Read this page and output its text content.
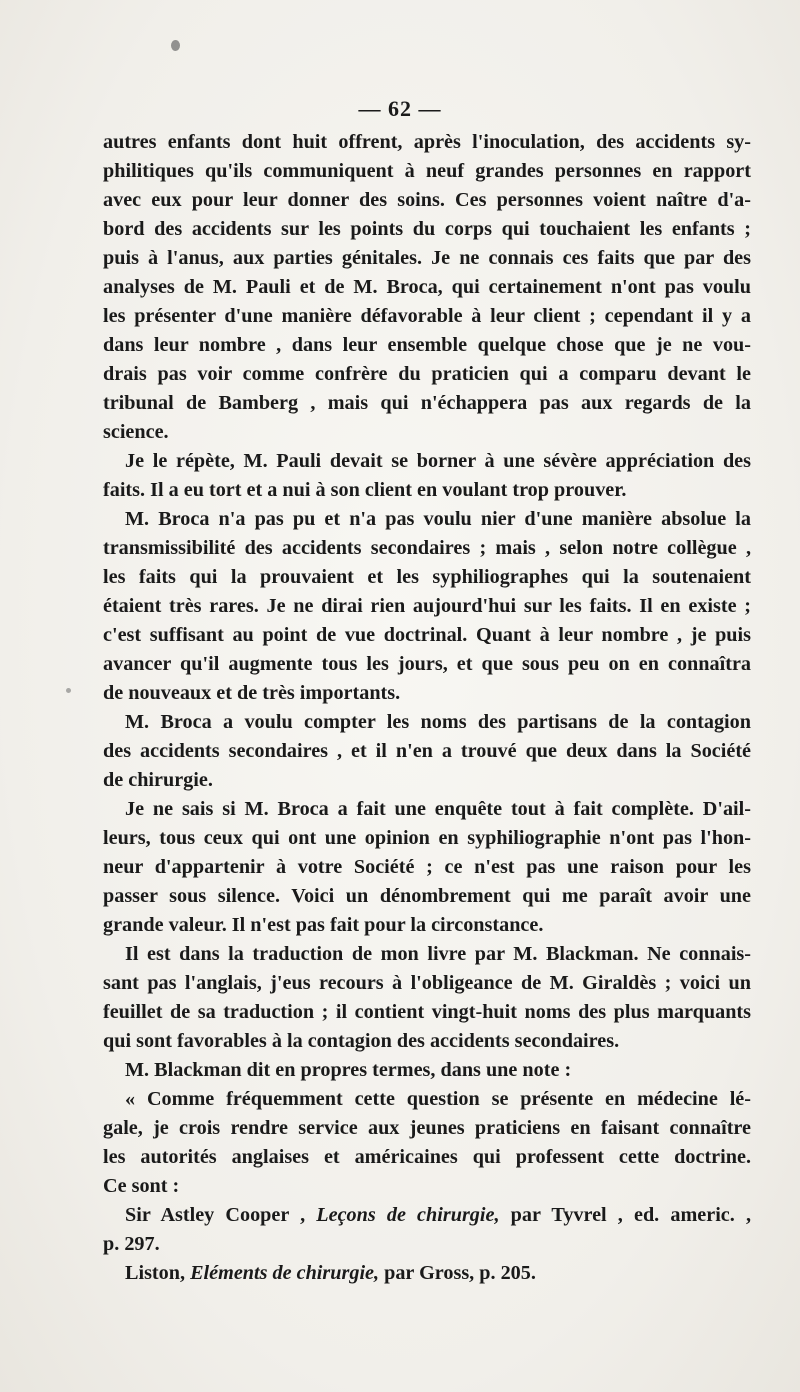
— 62 —
autres enfants dont huit offrent, après l'inoculation, des accidents sy-
philitiques qu'ils communiquent à neuf grandes personnes en rapport
avec eux pour leur donner des soins. Ces personnes voient naître d'a-
bord des accidents sur les points du corps qui touchaient les enfants ;
puis à l'anus, aux parties génitales. Je ne connais ces faits que par des
analyses de M. Pauli et de M. Broca, qui certainement n'ont pas voulu
les présenter d'une manière défavorable à leur client ; cependant il y a
dans leur nombre , dans leur ensemble quelque chose que je ne vou-
drais pas voir comme confrère du praticien qui a comparu devant le
tribunal de Bamberg , mais qui n'échappera pas aux regards de la
science.
Je le répète, M. Pauli devait se borner à une sévère appréciation des
faits. Il a eu tort et a nui à son client en voulant trop prouver.
M. Broca n'a pas pu et n'a pas voulu nier d'une manière absolue la
transmissibilité des accidents secondaires ; mais , selon notre collègue ,
les faits qui la prouvaient et les syphiliographes qui la soutenaient
étaient très rares. Je ne dirai rien aujourd'hui sur les faits. Il en existe ;
c'est suffisant au point de vue doctrinal. Quant à leur nombre , je puis
avancer qu'il augmente tous les jours, et que sous peu on en connaîtra
de nouveaux et de très importants.
M. Broca a voulu compter les noms des partisans de la contagion
des accidents secondaires , et il n'en a trouvé que deux dans la Société
de chirurgie.
Je ne sais si M. Broca a fait une enquête tout à fait complète. D'ail-
leurs, tous ceux qui ont une opinion en syphiliographie n'ont pas l'hon-
neur d'appartenir à votre Société ; ce n'est pas une raison pour les
passer sous silence. Voici un dénombrement qui me paraît avoir une
grande valeur. Il n'est pas fait pour la circonstance.
Il est dans la traduction de mon livre par M. Blackman. Ne connais-
sant pas l'anglais, j'eus recours à l'obligeance de M. Giraldès ; voici un
feuillet de sa traduction ; il contient vingt-huit noms des plus marquants
qui sont favorables à la contagion des accidents secondaires.
M. Blackman dit en propres termes, dans une note :
« Comme fréquemment cette question se présente en médecine lé-
gale, je crois rendre service aux jeunes praticiens en faisant connaître
les autorités anglaises et américaines qui professent cette doctrine.
Ce sont :
Sir Astley Cooper , Leçons de chirurgie, par Tyvrel , ed. americ. ,
p. 297.
Liston, Eléments de chirurgie, par Gross, p. 205.
